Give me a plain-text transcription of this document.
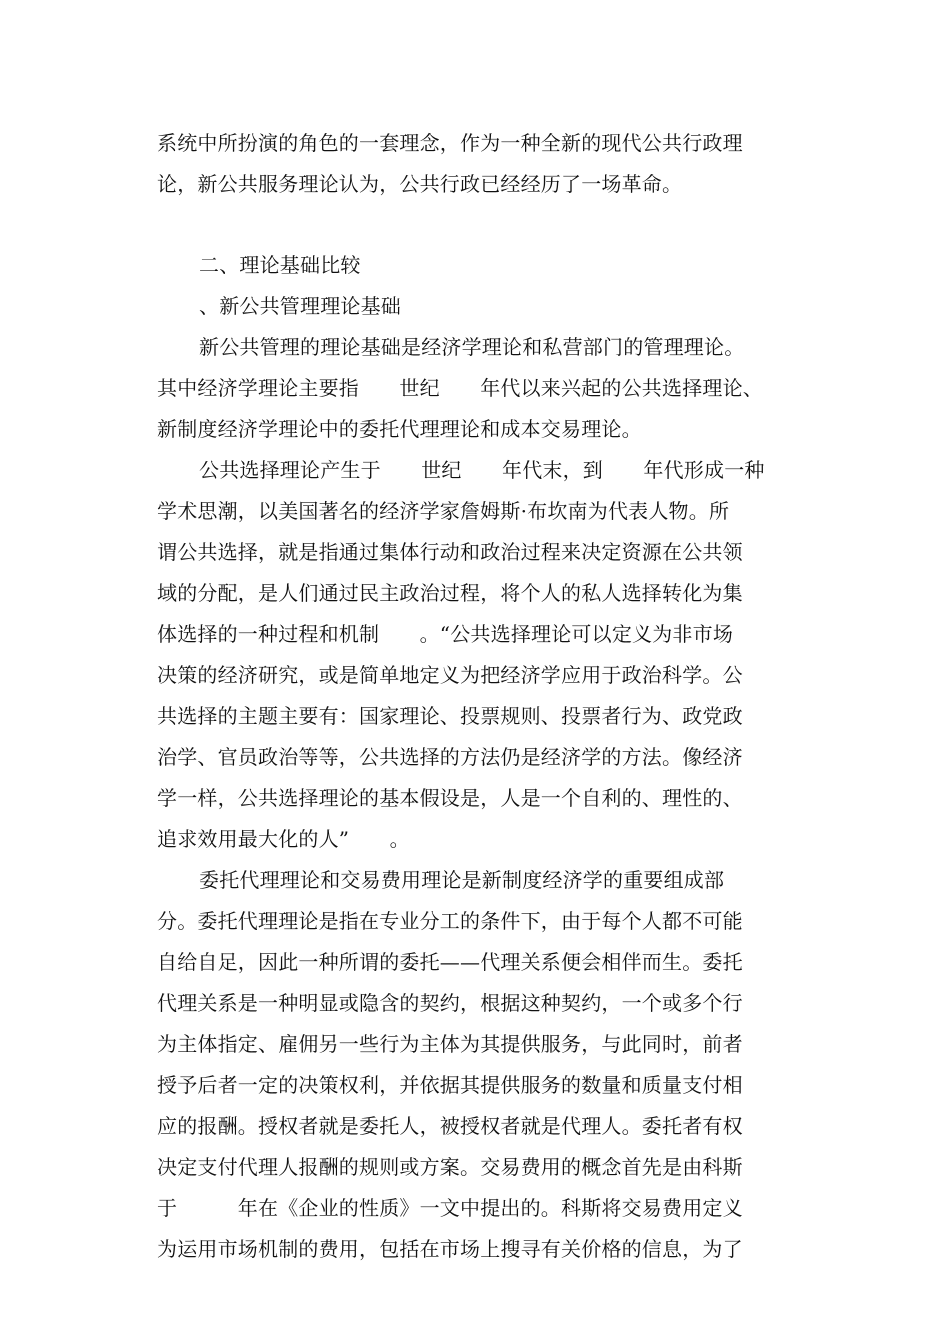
系统中所扮演的角色的一套理念，作为一种全新的现代公共行政理
论，新公共服务理论认为，公共行政已经经历了一场革命。
二、理论基础比较
、新公共管理理论基础
新公共管理的理论基础是经济学理论和私营部门的管理理论。
其中经济学理论主要指　　世纪　　年代以来兴起的公共选择理论、
新制度经济学理论中的委托代理理论和成本交易理论。
公共选择理论产生于　　世纪　　年代末，到　　年代形成一种
学术思潮，以美国著名的经济学家詹姆斯·布坎南为代表人物。所
谓公共选择，就是指通过集体行动和政治过程来决定资源在公共领
域的分配，是人们通过民主政治过程，将个人的私人选择转化为集
体选择的一种过程和机制　　。“公共选择理论可以定义为非市场
决策的经济研究，或是简单地定义为把经济学应用于政治科学。公
共选择的主题主要有：国家理论、投票规则、投票者行为、政党政
治学、官员政治等等，公共选择的方法仍是经济学的方法。像经济
学一样，公共选择理论的基本假设是，人是一个自利的、理性的、
追求效用最大化的人”　　。
委托代理理论和交易费用理论是新制度经济学的重要组成部
分。委托代理理论是指在专业分工的条件下，由于每个人都不可能
自给自足，因此一种所谓的委托——代理关系便会相伴而生。委托
代理关系是一种明显或隐含的契约，根据这种契约，一个或多个行
为主体指定、雇佣另一些行为主体为其提供服务，与此同时，前者
授予后者一定的决策权利，并依据其提供服务的数量和质量支付相
应的报酬。授权者就是委托人，被授权者就是代理人。委托者有权
决定支付代理人报酬的规则或方案。交易费用的概念首先是由科斯
于　　　年在《企业的性质》一文中提出的。科斯将交易费用定义
为运用市场机制的费用，包括在市场上搜寻有关价格的信息，为了
